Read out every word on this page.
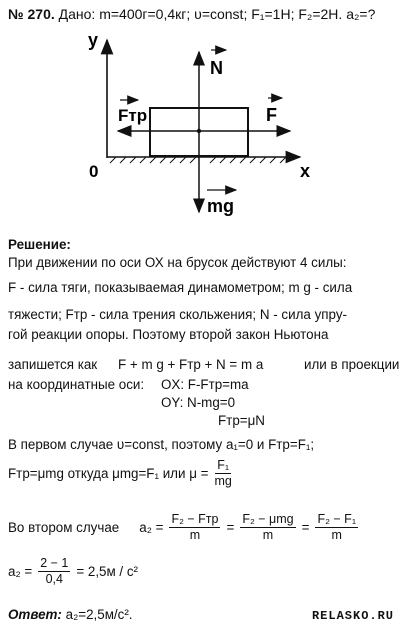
№ 270. Дано: m=400г=0,4кг; υ=const; F₁=1Н; F₂=2Н. a₂=?
y
x
0
N
F
Fтр
mg
Решение:
При движении по оси ОХ на брусок действуют 4 силы:
F - сила тяги, показываемая динамометром; m g - сила
тяжести; Fтр - сила трения скольжения; N - сила упру-
гой реакции опоры. Поэтому второй закон Ньютона
запишется как F + m g + Fтр + N = m a	или в проекции
на координатные оси: OX: F-Fтр=ma
OY: N-mg=0
Fтр=μN
В первом случае υ=const, поэтому a₁=0 и Fтр=F₁;
Fтр=μmg откуда μmg=F₁ или $\mu = \frac{\text{F₁}}{mg}$
Во втором случае $a_2 = \frac{\text{F₂ − Fтр}}{m} = \frac{\text{F₂ − μmg}}{m} = \frac{\text{F₂ − F₁}}{m}$
$a_2 = \frac{2 - 1}{0,4} = 2,5м / с^2$
Ответ: a₂=2,5м/с².	RELASKO.RU
